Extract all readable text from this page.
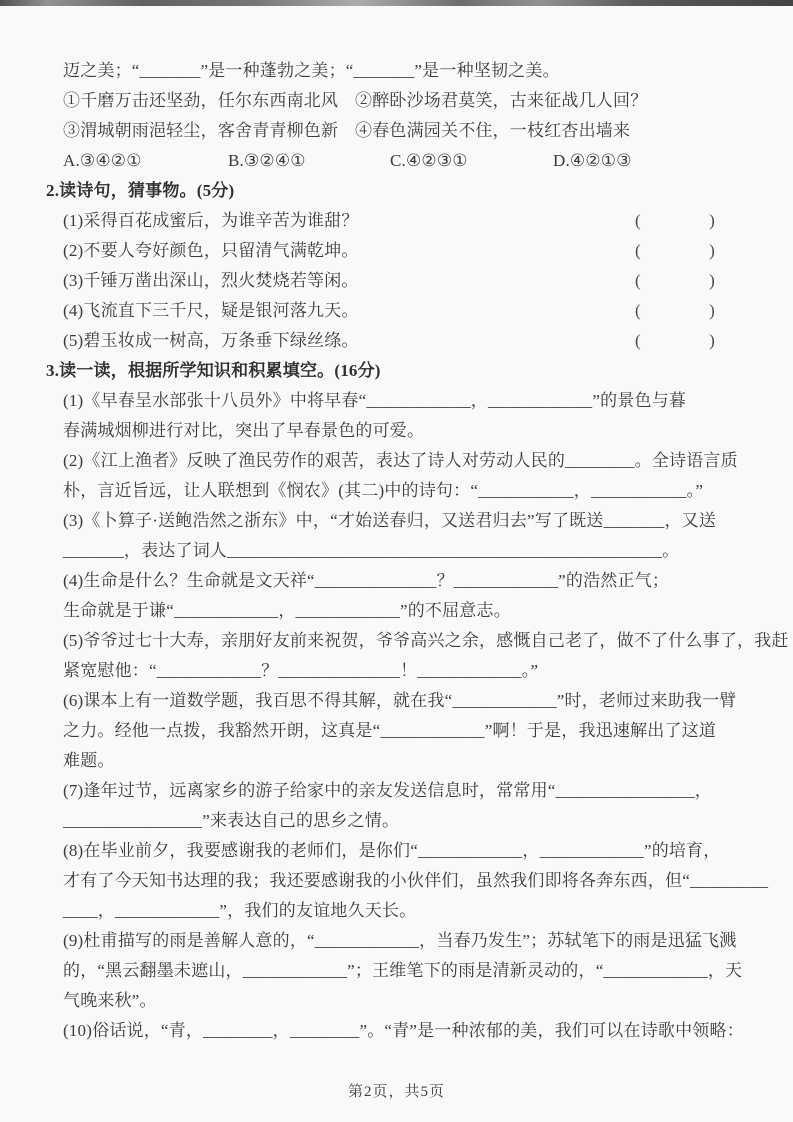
迈之美；“_______”是一种蓬勃之美；“_______”是一种坚韧之美。
①千磨万击还坚劲，任尔东西南北风 ②醉卧沙场君莫笑，古来征战几人回？
③渭城朝雨浥轻尘，客舍青青柳色新 ④春色满园关不住，一枝红杏出墙来
A.③④②①	B.③②④①	C.④②③①	D.④②①③
2.读诗句，猜事物。(5分)
(1)采得百花成蜜后，为谁辛苦为谁甜？	(	)
(2)不要人夸好颜色，只留清气满乾坤。	(	)
(3)千锤万凿出深山，烈火焚烧若等闲。	(	)
(4)飞流直下三千尺，疑是银河落九天。	(	)
(5)碧玉妆成一树高，万条垂下绿丝绦。	(	)
3.读一读，根据所学知识和积累填空。(16分)
(1)《早春呈水部张十八员外》中将早春“____________，____________”的景色与暮
春满城烟柳进行对比，突出了早春景色的可爱。
(2)《江上渔者》反映了渔民劳作的艰苦，表达了诗人对劳动人民的________。全诗语言质
朴，言近旨远，让人联想到《悯农》(其二)中的诗句：“___________，___________。”
(3)《卜算子·送鲍浩然之浙东》中，“才始送春归，又送君归去”写了既送_______，又送
_______，表达了词人__________________________________________________。
(4)生命是什么？生命就是文天祥“______________？____________”的浩然正气；
生命就是于谦“____________，____________”的不屈意志。
(5)爷爷过七十大寿，亲朋好友前来祝贺，爷爷高兴之余，感慨自己老了，做不了什么事了，我赶
紧宽慰他：“____________？______________！____________。”
(6)课本上有一道数学题，我百思不得其解，就在我“____________”时，老师过来助我一臂
之力。经他一点拨，我豁然开朗，这真是“____________”啊！于是，我迅速解出了这道
难题。
(7)逢年过节，远离家乡的游子给家中的亲友发送信息时，常常用“________________，
________________”来表达自己的思乡之情。
(8)在毕业前夕，我要感谢我的老师们，是你们“____________，____________”的培育，
才有了今天知书达理的我；我还要感谢我的小伙伴们，虽然我们即将各奔东西，但“_________
____，____________”，我们的友谊地久天长。
(9)杜甫描写的雨是善解人意的，“____________，当春乃发生”；苏轼笔下的雨是迅猛飞溅
的，“黑云翻墨未遮山，____________”；王维笔下的雨是清新灵动的，“____________，天
气晚来秋”。
(10)俗话说，“青，________，________”。“青”是一种浓郁的美，我们可以在诗歌中领略：
第2页，共5页
